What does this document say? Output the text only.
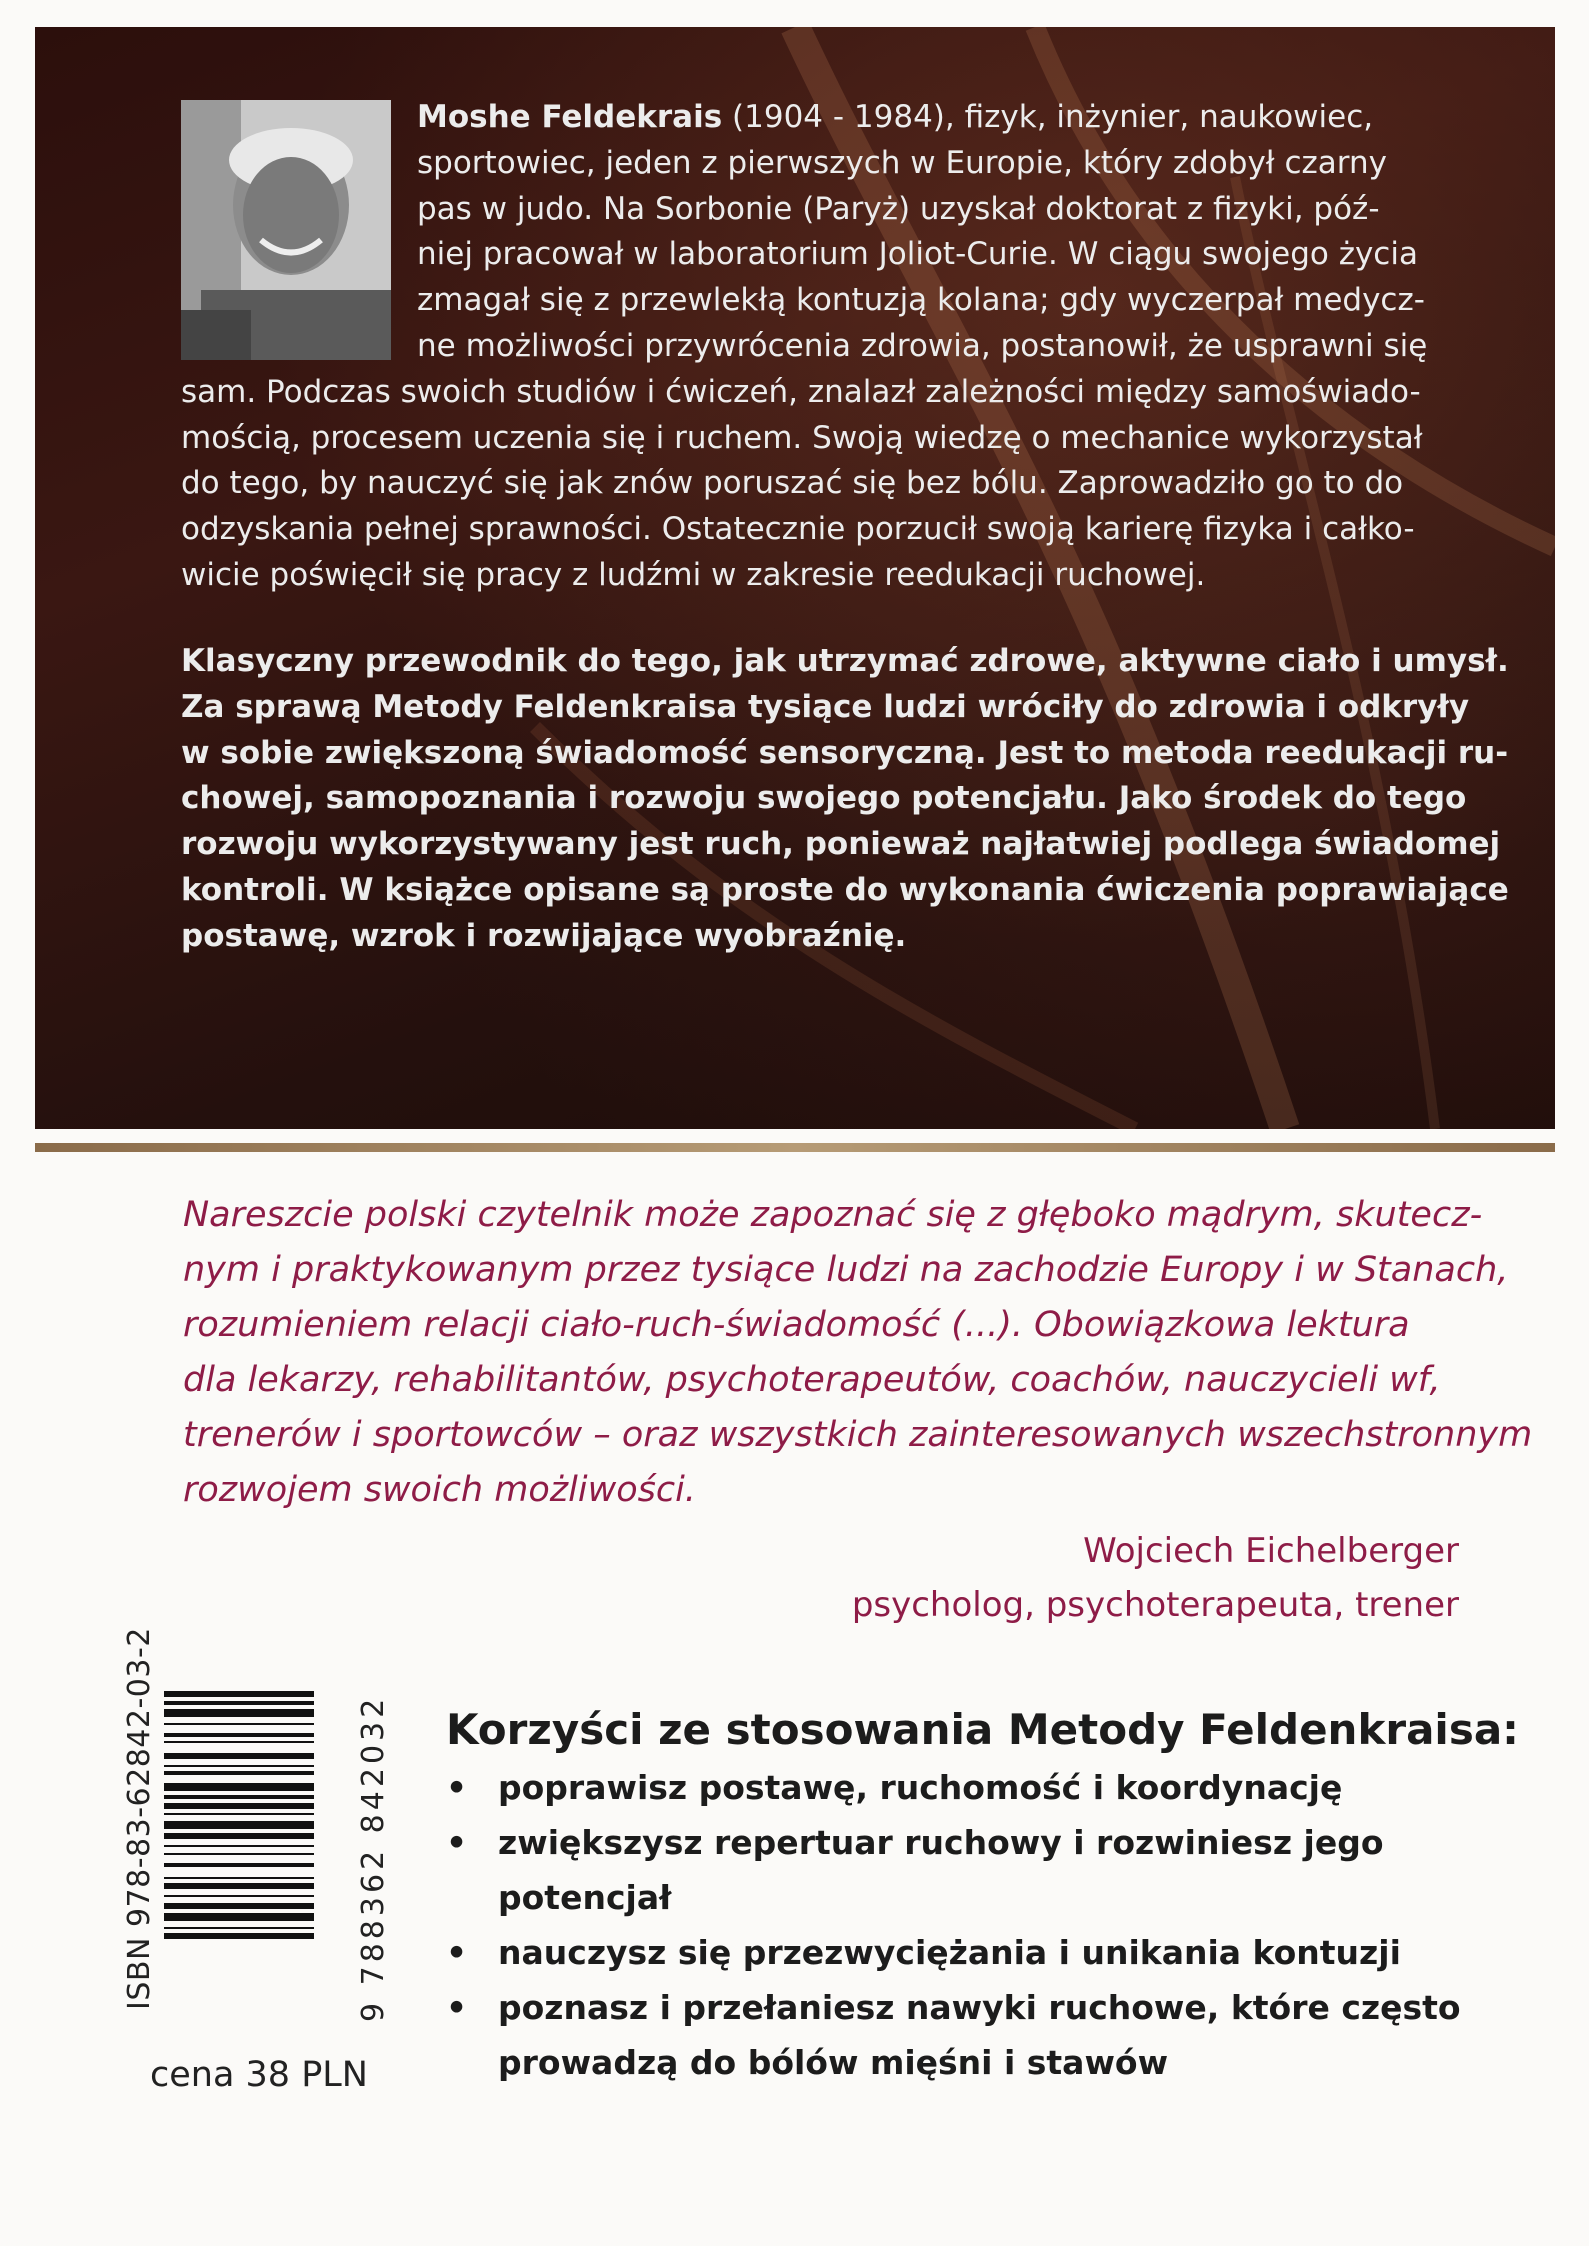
Moshe Feldekrais (1904 - 1984), fizyk, inżynier, naukowiec,
sportowiec, jeden z pierwszych w Europie, który zdobył czarny
pas w judo. Na Sorbonie (Paryż) uzyskał doktorat z fizyki, póź-
niej pracował w laboratorium Joliot-Curie. W ciągu swojego życia
zmagał się z przewlekłą kontuzją kolana; gdy wyczerpał medycz-
ne możliwości przywrócenia zdrowia, postanowił, że usprawni się
sam. Podczas swoich studiów i ćwiczeń, znalazł zależności między samoświado-
mością, procesem uczenia się i ruchem. Swoją wiedzę o mechanice wykorzystał
do tego, by nauczyć się jak znów poruszać się bez bólu. Zaprowadziło go to do
odzyskania pełnej sprawności. Ostatecznie porzucił swoją karierę fizyka i całko-
wicie poświęcił się pracy z ludźmi w zakresie reedukacji ruchowej.
Klasyczny przewodnik do tego, jak utrzymać zdrowe, aktywne ciało i umysł.
Za sprawą Metody Feldenkraisa tysiące ludzi wróciły do zdrowia i odkryły
w sobie zwiększoną świadomość sensoryczną. Jest to metoda reedukacji ru-
chowej, samopoznania i rozwoju swojego potencjału. Jako środek do tego
rozwoju wykorzystywany jest ruch, ponieważ najłatwiej podlega świadomej
kontroli. W książce opisane są proste do wykonania ćwiczenia poprawiające
postawę, wzrok i rozwijające wyobraźnię.
Nareszcie polski czytelnik może zapoznać się z głęboko mądrym, skutecz-
nym i praktykowanym przez tysiące ludzi na zachodzie Europy i w Stanach,
rozumieniem relacji ciało-ruch-świadomość (...). Obowiązkowa lektura
dla lekarzy, rehabilitantów, psychoterapeutów, coachów, nauczycieli wf,
trenerów i sportowców – oraz wszystkich zainteresowanych wszechstronnym
rozwojem swoich możliwości.
Wojciech Eichelberger
psycholog, psychoterapeuta, trener
ISBN 978-83-62842-03-2	9 788362 842032
cena 38 PLN
Korzyści ze stosowania Metody Feldenkraisa:
• poprawisz postawę, ruchomość i koordynację
• zwiększysz repertuar ruchowy i rozwiniesz jego potencjał
• nauczysz się przezwyciężania i unikania kontuzji
• poznasz i przełaniesz nawyki ruchowe, które często prowadzą do bólów mięśni i stawów
